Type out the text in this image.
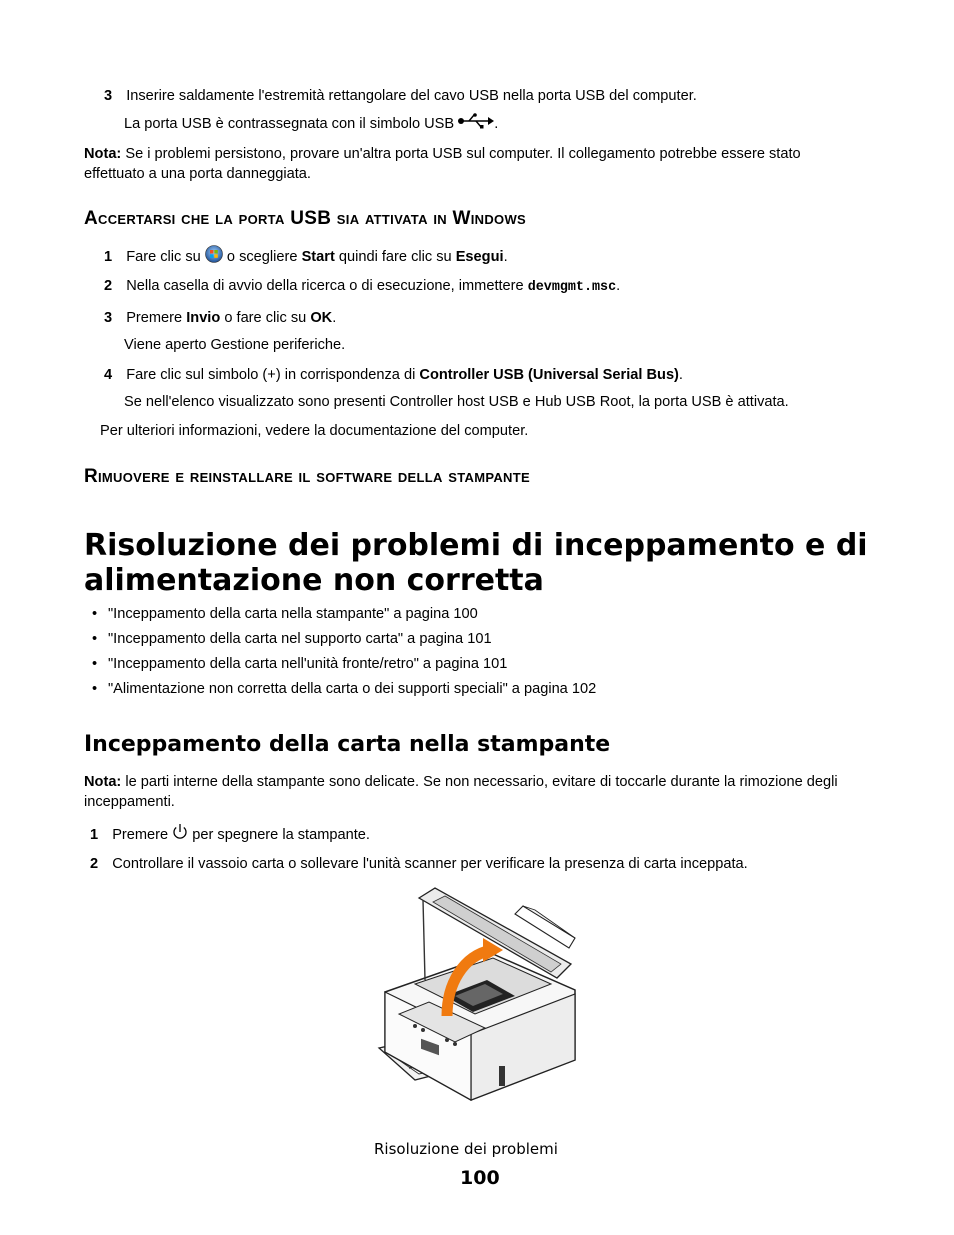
3 Inserire saldamente l'estremità rettangolare del cavo USB nella porta USB del computer.
La porta USB è contrassegnata con il simbolo USB	.
Nota: Se i problemi persistono, provare un'altra porta USB sul computer. Il collegamento potrebbe essere stato
effettuato a una porta danneggiata.
Accertarsi che la porta USB sia attivata in Windows
1 Fare clic su o scegliere Start quindi fare clic su Esegui.
2 Nella casella di avvio della ricerca o di esecuzione, immettere devmgmt.msc.
3 Premere Invio o fare clic su OK.
Viene aperto Gestione periferiche.
4 Fare clic sul simbolo (+) in corrispondenza di Controller USB (Universal Serial Bus).
Se nell'elenco visualizzato sono presenti Controller host USB e Hub USB Root, la porta USB è attivata.
Per ulteriori informazioni, vedere la documentazione del computer.
Rimuovere e reinstallare il software della stampante
Risoluzione dei problemi di inceppamento e di
alimentazione non corretta
• "Inceppamento della carta nella stampante" a pagina 100
• "Inceppamento della carta nel supporto carta" a pagina 101
• "Inceppamento della carta nell'unità fronte/retro" a pagina 101
• "Alimentazione non corretta della carta o dei supporti speciali" a pagina 102
Inceppamento della carta nella stampante
Nota: le parti interne della stampante sono delicate. Se non necessario, evitare di toccarle durante la rimozione degli
inceppamenti.
1 Premere per spegnere la stampante.
2 Controllare il vassoio carta o sollevare l'unità scanner per verificare la presenza di carta inceppata.
Risoluzione dei problemi
100
